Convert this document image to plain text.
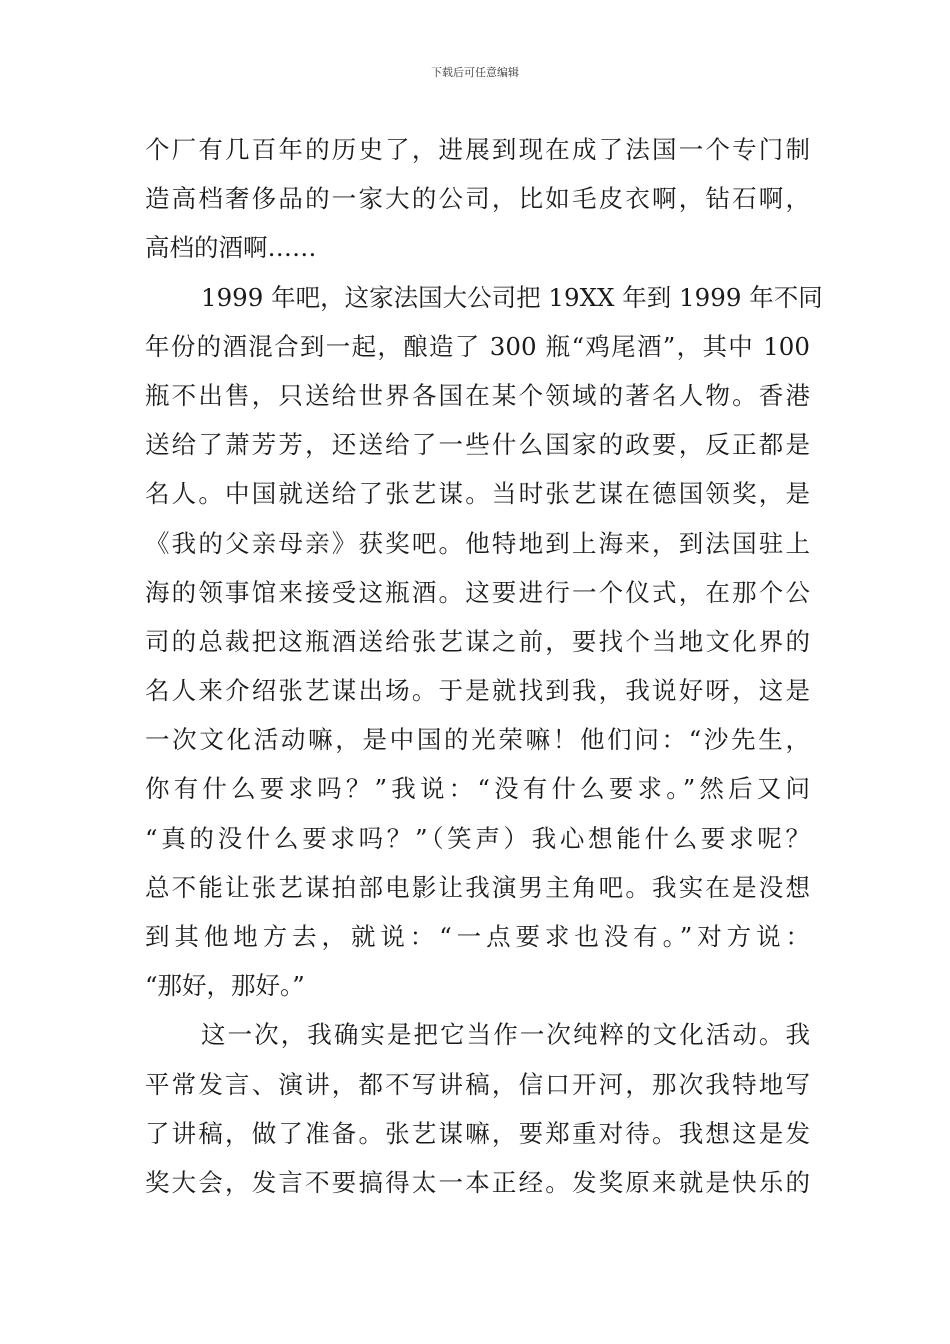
下载后可任意编辑
个厂有几百年的历史了，进展到现在成了法国一个专门制
造高档奢侈品的一家大的公司，比如毛皮衣啊，钻石啊，
高档的酒啊……
1999 年吧，这家法国大公司把 19XX 年到 1999 年不同
年份的酒混合到一起，酿造了 300 瓶“鸡尾酒”，其中 100
瓶不出售，只送给世界各国在某个领域的著名人物。香港
送给了萧芳芳，还送给了一些什么国家的政要，反正都是
名人。中国就送给了张艺谋。当时张艺谋在德国领奖，是
《我的父亲母亲》获奖吧。他特地到上海来，到法国驻上
海的领事馆来接受这瓶酒。这要进行一个仪式，在那个公
司的总裁把这瓶酒送给张艺谋之前，要找个当地文化界的
名人来介绍张艺谋出场。于是就找到我，我说好呀，这是
一次文化活动嘛，是中国的光荣嘛！他们问：“沙先生，
你有什么要求吗？”我说：“没有什么要求。”然后又问
“真的没什么要求吗？”（笑声）我心想能什么要求呢？
总不能让张艺谋拍部电影让我演男主角吧。我实在是没想
到其他地方去，就说：“一点要求也没有。”对方说：
“那好，那好。”
这一次，我确实是把它当作一次纯粹的文化活动。我
平常发言、演讲，都不写讲稿，信口开河，那次我特地写
了讲稿，做了准备。张艺谋嘛，要郑重对待。我想这是发
奖大会，发言不要搞得太一本正经。发奖原来就是快乐的
